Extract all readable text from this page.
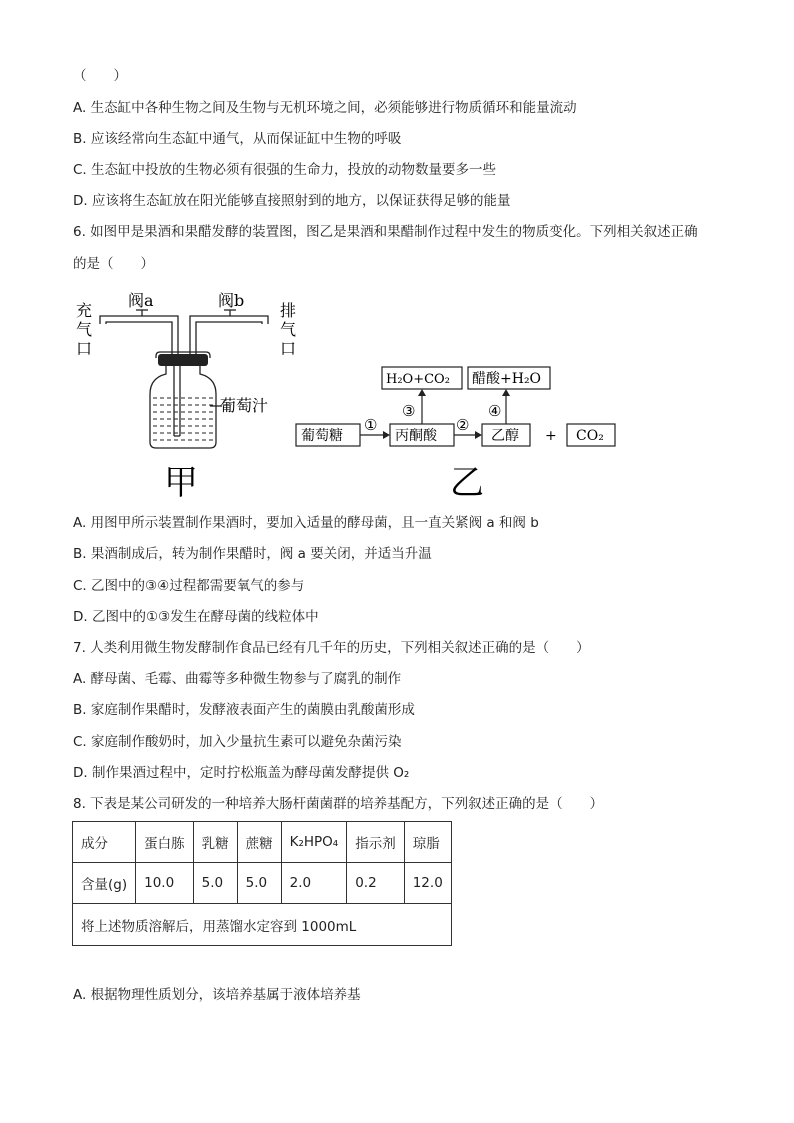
（　　）
A. 生态缸中各种生物之间及生物与无机环境之间，必须能够进行物质循环和能量流动
B. 应该经常向生态缸中通气，从而保证缸中生物的呼吸
C. 生态缸中投放的生物必须有很强的生命力，投放的动物数量要多一些
D. 应该将生态缸放在阳光能够直接照射到的地方，以保证获得足够的能量
6. 如图甲是果酒和果醋发酵的装置图，图乙是果酒和果醋制作过程中发生的物质变化。下列相关叙述正确
的是（　　）
阀a	阀b
充
气
口
排
气
口
葡萄汁
甲
葡萄糖	丙酮酸	乙醇	CO₂
+
H₂O+CO₂ 醋酸+H₂O
①	②
③	④
乙
A. 用图甲所示装置制作果酒时，要加入适量的酵母菌，且一直关紧阀 a 和阀 b
B. 果酒制成后，转为制作果醋时，阀 a 要关闭，并适当升温
C. 乙图中的③④过程都需要氧气的参与
D. 乙图中的①③发生在酵母菌的线粒体中
7. 人类利用微生物发酵制作食品已经有几千年的历史，下列相关叙述正确的是（　　）
A. 酵母菌、毛霉、曲霉等多种微生物参与了腐乳的制作
B. 家庭制作果醋时，发酵液表面产生的菌膜由乳酸菌形成
C. 家庭制作酸奶时，加入少量抗生素可以避免杂菌污染
D. 制作果酒过程中，定时拧松瓶盖为酵母菌发酵提供 O₂
8. 下表是某公司研发的一种培养大肠杆菌菌群的培养基配方，下列叙述正确的是（　　）
成分	蛋白胨	乳糖	蔗糖	K₂HPO₄	指示剂	琼脂
含量(g)	10.0	5.0	5.0	2.0	0.2	12.0
将上述物质溶解后，用蒸馏水定容到 1000mL						
A. 根据物理性质划分，该培养基属于液体培养基
